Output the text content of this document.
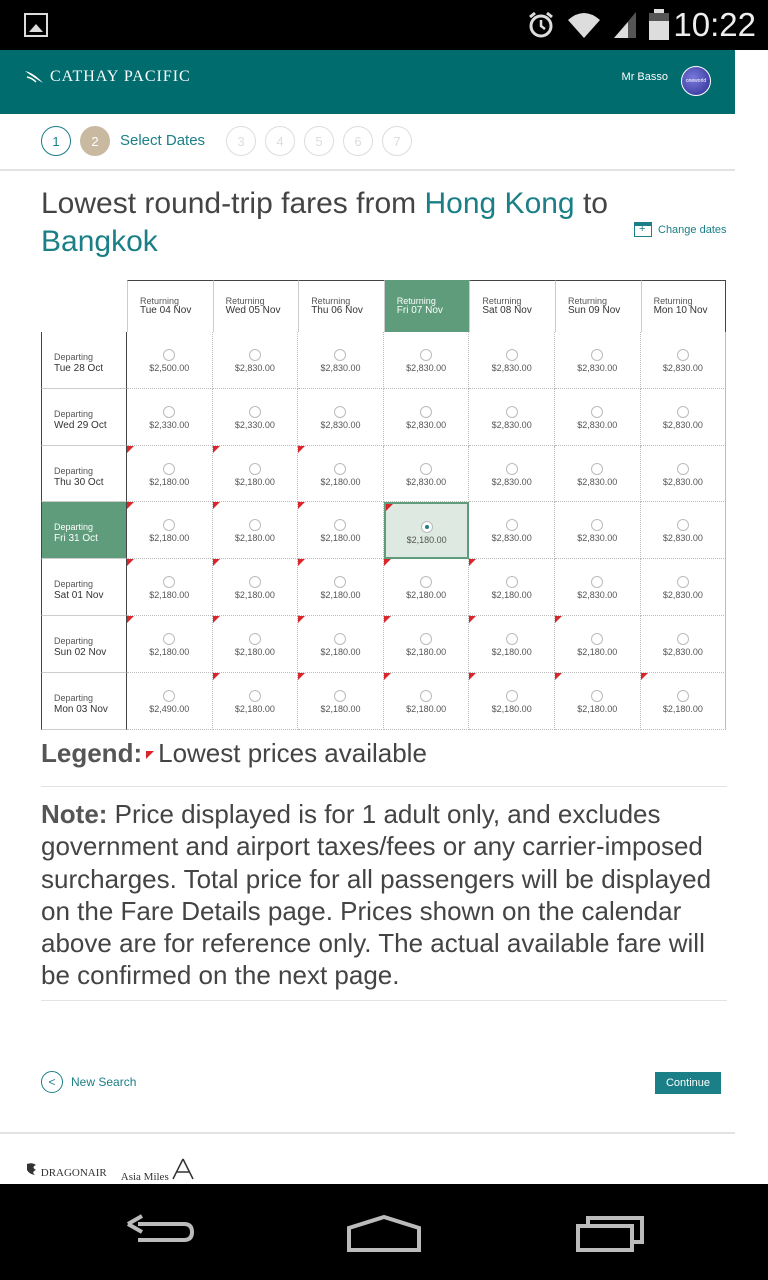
10:22
CATHAY PACIFIC	Mr Basso	oneworld
1	2	Select Dates	3	4	5	6	7
Lowest round-trip fares from Hong Kong to
Bangkok
+	Change dates
Returning
Tue 04 Nov
Returning
Wed 05 Nov
Returning
Thu 06 Nov
Returning
Fri 07 Nov
Returning
Sat 08 Nov
Returning
Sun 09 Nov
Returning
Mon 10 Nov
Departing
Tue 28 Oct	$2,500.00	$2,830.00	$2,830.00	$2,830.00	$2,830.00	$2,830.00	$2,830.00
Departing
Wed 29 Oct	$2,330.00	$2,330.00	$2,830.00	$2,830.00	$2,830.00	$2,830.00	$2,830.00
Departing
Thu 30 Oct	$2,180.00	$2,180.00	$2,180.00	$2,830.00	$2,830.00	$2,830.00	$2,830.00
Departing
Fri 31 Oct	$2,180.00	$2,180.00	$2,180.00	$2,180.00	$2,830.00	$2,830.00	$2,830.00
Departing
Sat 01 Nov	$2,180.00	$2,180.00	$2,180.00	$2,180.00	$2,180.00	$2,830.00	$2,830.00
Departing
Sun 02 Nov	$2,180.00	$2,180.00	$2,180.00	$2,180.00	$2,180.00	$2,180.00	$2,830.00
Departing
Mon 03 Nov	$2,490.00	$2,180.00	$2,180.00	$2,180.00	$2,180.00	$2,180.00	$2,180.00
Legend: Lowest prices available
Note: Price displayed is for 1 adult only, and excludes government and airport taxes/fees or any carrier-imposed surcharges. Total price for all passengers will be displayed on the Fare Details page. Prices shown on the calendar above are for reference only. The actual available fare will be confirmed on the next page.
<	New Search	Continue
DRAGONAIR Asia Miles
